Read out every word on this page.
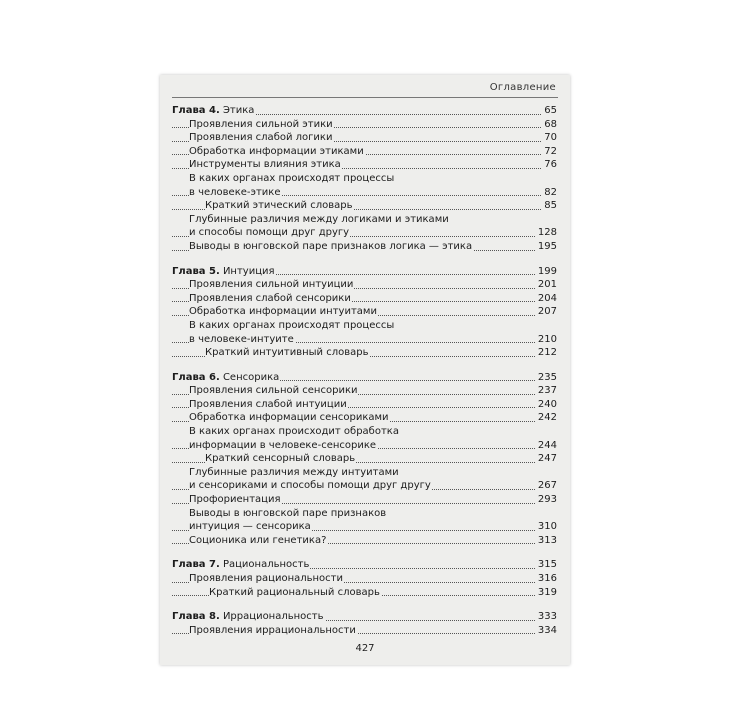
Оглавление
Глава 4. Этика	65
Проявления сильной этики	68
Проявления слабой логики	70
Обработка информации этиками	72
Инструменты влияния этика	76
В каких органах происходят процессы
в человеке-этике	82
Краткий этический словарь	85
Глубинные различия между логиками и этиками
и способы помощи друг другу	128
Выводы в юнговской паре признаков логика — этика	195
Глава 5. Интуиция	199
Проявления сильной интуиции	201
Проявления слабой сенсорики	204
Обработка информации интуитами	207
В каких органах происходят процессы
в человеке-интуите	210
Краткий интуитивный словарь	212
Глава 6. Сенсорика	235
Проявления сильной сенсорики	237
Проявления слабой интуиции	240
Обработка информации сенсориками	242
В каких органах происходит обработка
информации в человеке-сенсорике	244
Краткий сенсорный словарь	247
Глубинные различия между интуитами
и сенсориками и способы помощи друг другу	267
Профориентация	293
Выводы в юнговской паре признаков
интуиция — сенсорика	310
Соционика или генетика?	313
Глава 7. Рациональность	315
Проявления рациональности	316
Краткий рациональный словарь	319
Глава 8. Иррациональность	333
Проявления иррациональности	334
427
